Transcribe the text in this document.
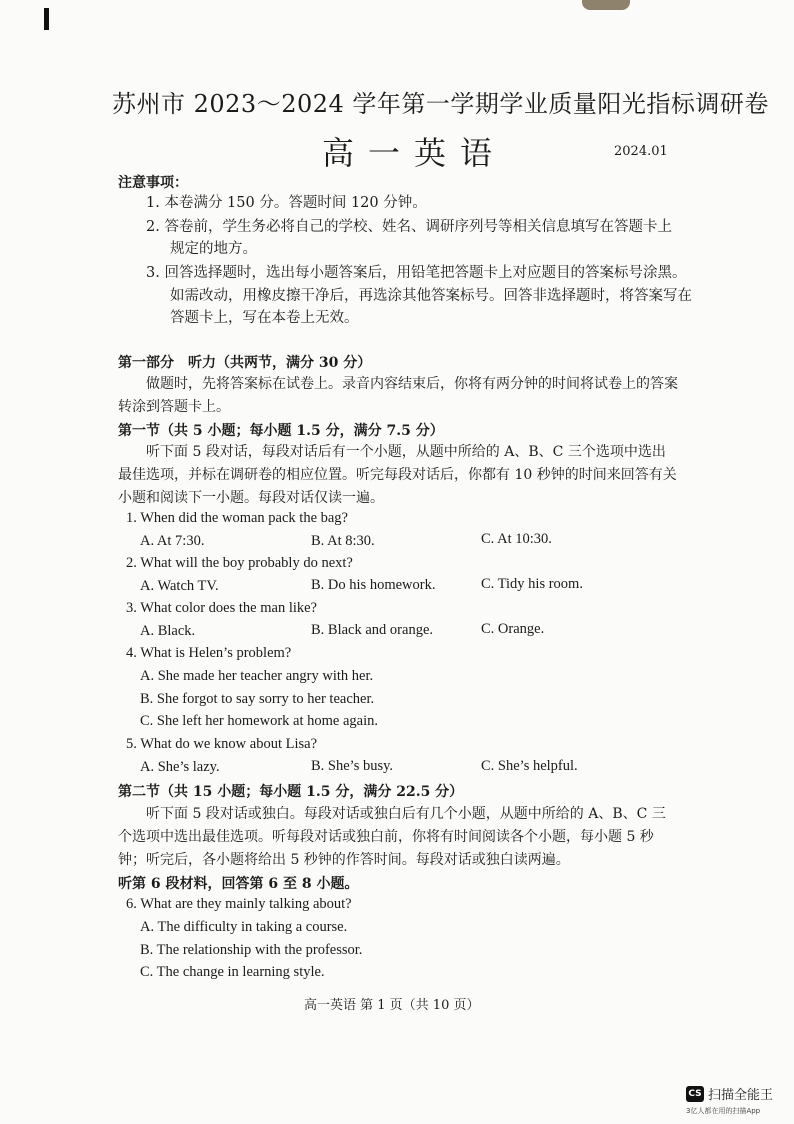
苏州市 2023～2024 学年第一学期学业质量阳光指标调研卷
高一英语	2024.01
注意事项：
1. 本卷满分 150 分。答题时间 120 分钟。
2. 答卷前，学生务必将自己的学校、姓名、调研序列号等相关信息填写在答题卡上
规定的地方。
3. 回答选择题时，选出每小题答案后，用铅笔把答题卡上对应题目的答案标号涂黑。
如需改动，用橡皮擦干净后，再选涂其他答案标号。回答非选择题时，将答案写在
答题卡上，写在本卷上无效。
第一部分　听力（共两节，满分 30 分）
做题时，先将答案标在试卷上。录音内容结束后，你将有两分钟的时间将试卷上的答案转涂到答题卡上。
第一节（共 5 小题；每小题 1.5 分，满分 7.5 分）
听下面 5 段对话，每段对话后有一个小题，从题中所给的 A、B、C 三个选项中选出最佳选项，并标在调研卷的相应位置。听完每段对话后，你都有 10 秒钟的时间来回答有关小题和阅读下一小题。每段对话仅读一遍。
1. When did the woman pack the bag?
A. At 7:30.	B. At 8:30.	C. At 10:30.
2. What will the boy probably do next?
A. Watch TV.	B. Do his homework.	C. Tidy his room.
3. What color does the man like?
A. Black.	B. Black and orange.	C. Orange.
4. What is Helen’s problem?
A. She made her teacher angry with her.
B. She forgot to say sorry to her teacher.
C. She left her homework at home again.
5. What do we know about Lisa?
A. She’s lazy.	B. She’s busy.	C. She’s helpful.
第二节（共 15 小题；每小题 1.5 分，满分 22.5 分）
听下面 5 段对话或独白。每段对话或独白后有几个小题，从题中所给的 A、B、C 三个选项中选出最佳选项。听每段对话或独白前，你将有时间阅读各个小题，每小题 5 秒钟；听完后，各小题将给出 5 秒钟的作答时间。每段对话或独白读两遍。
听第 6 段材料，回答第 6 至 8 小题。
6. What are they mainly talking about?
A. The difficulty in taking a course.
B. The relationship with the professor.
C. The change in learning style.
高一英语 第 1 页（共 10 页）
CS 扫描全能王
3亿人都在用的扫描App
